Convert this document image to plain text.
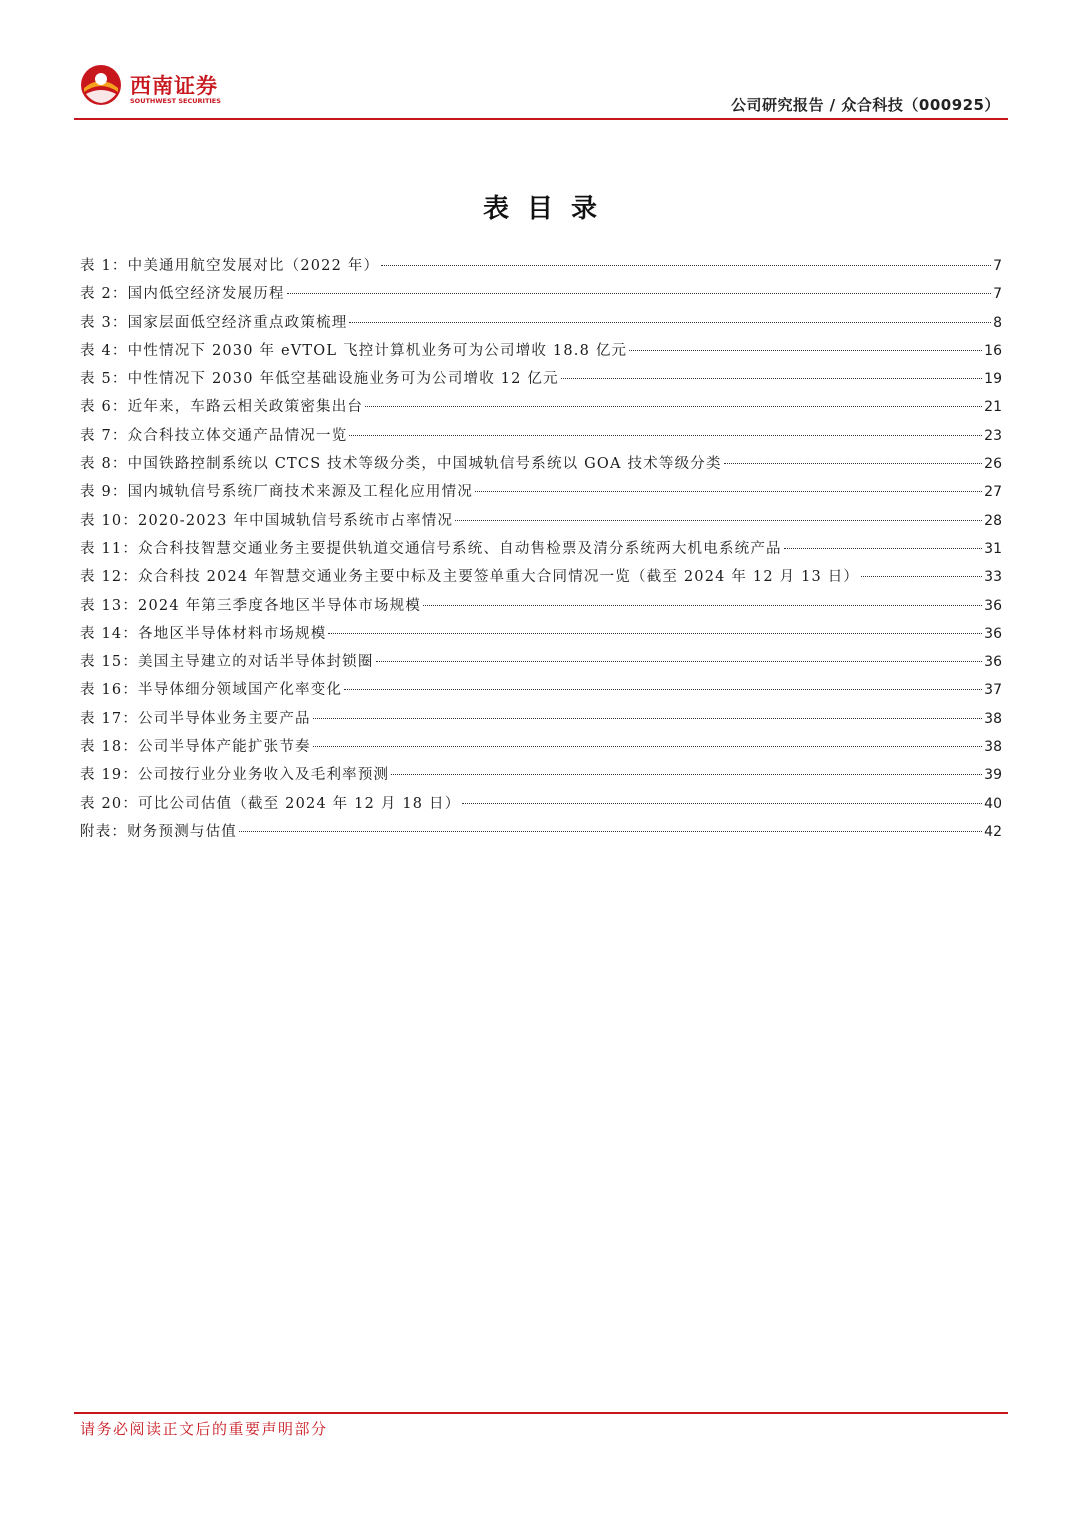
西南证券
SOUTHWEST SECURITIES	公司研究报告 / 众合科技（000925）
表目录
表 1：中美通用航空发展对比（2022 年）	7
表 2：国内低空经济发展历程	7
表 3：国家层面低空经济重点政策梳理	8
表 4：中性情况下 2030 年 eVTOL 飞控计算机业务可为公司增收 18.8 亿元	16
表 5：中性情况下 2030 年低空基础设施业务可为公司增收 12 亿元	19
表 6：近年来，车路云相关政策密集出台	21
表 7：众合科技立体交通产品情况一览	23
表 8：中国铁路控制系统以 CTCS 技术等级分类，中国城轨信号系统以 GOA 技术等级分类	26
表 9：国内城轨信号系统厂商技术来源及工程化应用情况	27
表 10：2020-2023 年中国城轨信号系统市占率情况	28
表 11：众合科技智慧交通业务主要提供轨道交通信号系统、自动售检票及清分系统两大机电系统产品	31
表 12：众合科技 2024 年智慧交通业务主要中标及主要签单重大合同情况一览（截至 2024 年 12 月 13 日）	33
表 13：2024 年第三季度各地区半导体市场规模	36
表 14：各地区半导体材料市场规模	36
表 15：美国主导建立的对话半导体封锁圈	36
表 16：半导体细分领域国产化率变化	37
表 17：公司半导体业务主要产品	38
表 18：公司半导体产能扩张节奏	38
表 19：公司按行业分业务收入及毛利率预测	39
表 20：可比公司估值（截至 2024 年 12 月 18 日）	40
附表：财务预测与估值	42
请务必阅读正文后的重要声明部分
